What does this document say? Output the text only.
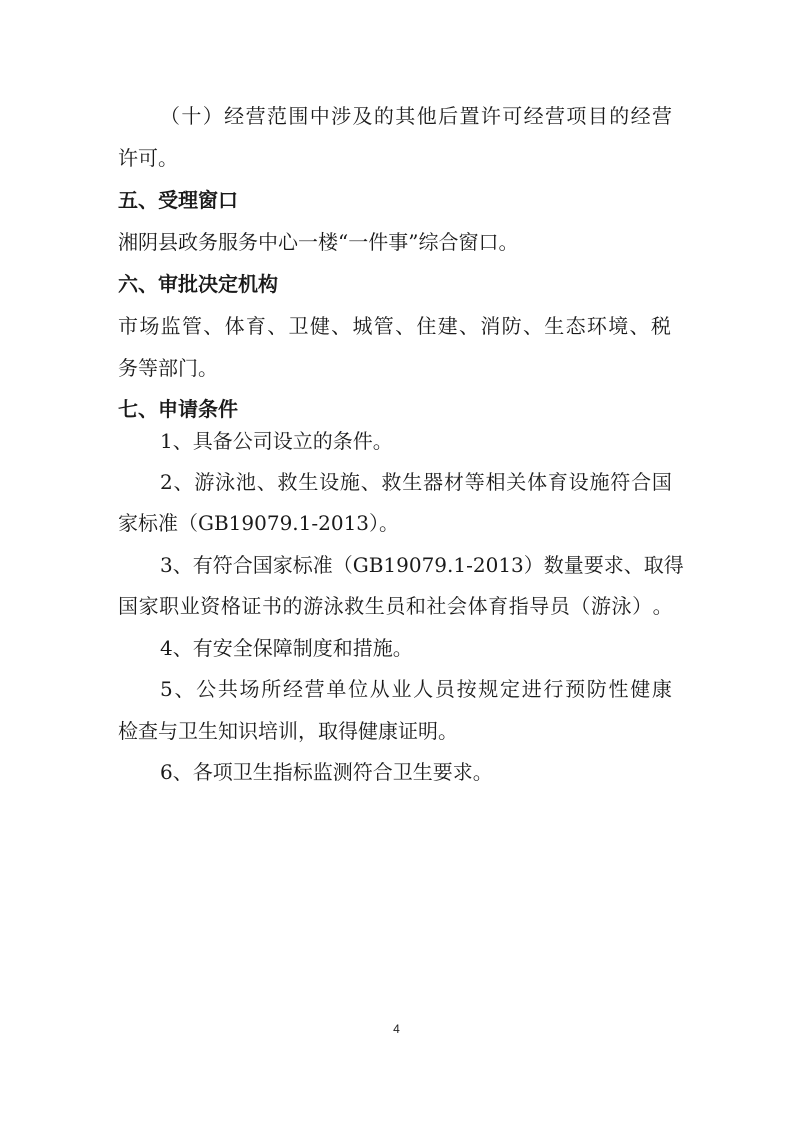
（ 十 ） 经 营 范 围 中 涉 及 的 其 他 后 置 许 可 经 营 项 目 的 经 营
许可。
五、受理窗口
湘阴县政务服务中心一楼“一件事”综合窗口。
六、审批决定机构
市 场 监 管 、 体 育 、 卫 健 、 城 管 、 住 建 、 消 防 、 生 态 环 境 、 税
务等部门。
七、申请条件
1、具备公司设立的条件。
2 、 游 泳 池 、 救 生 设 施 、 救 生 器 材 等 相 关 体 育 设 施 符 合 国
家标准（GB19079.1-2013）。
3 、 有 符 合 国 家 标 准 （ GB19079.1-2013 ） 数 量 要 求 、 取 得
国 家 职 业 资 格 证 书 的 游 泳 救 生 员 和 社 会 体 育 指 导 员 （ 游 泳 ） 。
4、有安全保障制度和措施。
5 、 公 共 场 所 经 营 单 位 从 业 人 员 按 规 定 进 行 预 防 性 健 康
检查与卫生知识培训，取得健康证明。
6、各项卫生指标监测符合卫生要求。
4
